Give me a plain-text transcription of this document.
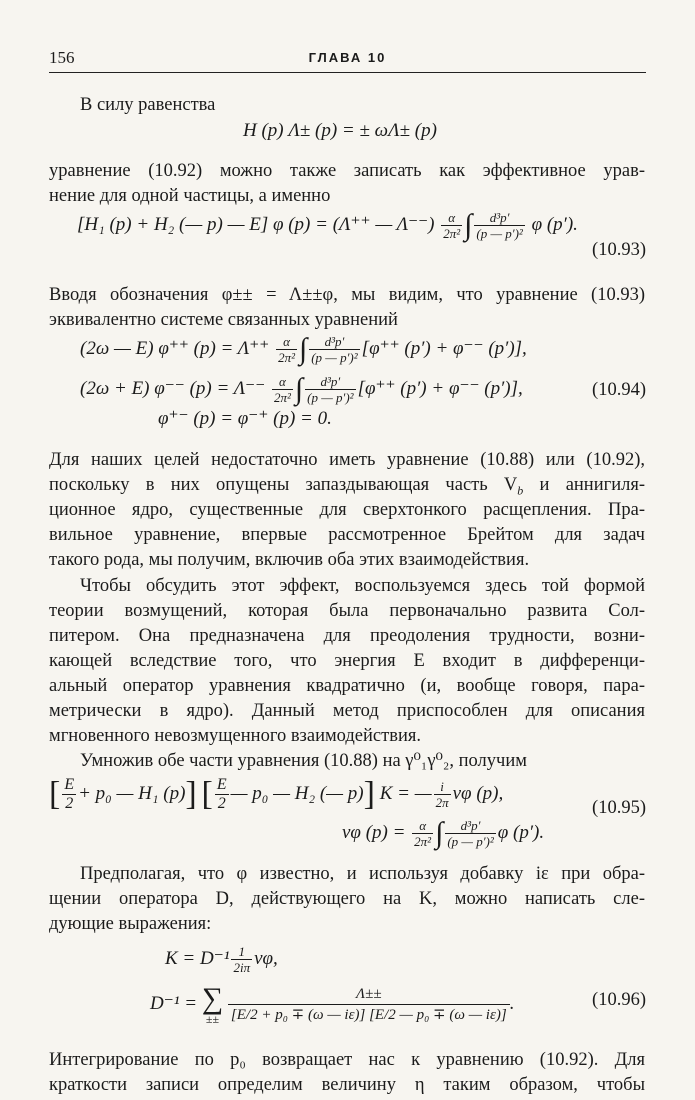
156	ГЛАВА 10
В силу равенства
H (p) Λ± (p) = ± ωΛ± (p)
уравнение (10.92) можно также записать как эффективное урав-
нение для одной частицы, а именно
[H₁ (p) + H₂ (— p) — E] φ (p) = (Λ⁺⁺ — $\Lambda^{--}) \frac{\alpha}{\text{2π²}}$ ∫ $\frac{\text{d³p′}}{\text{(p — p′)²}}$ φ (p′).
(10.93)
Вводя обозначения φ±± = Λ±±φ, мы видим, что уравнение (10.93)
эквивалентно системе связанных уравнений
(2ω — E) φ⁺⁺ $(p) = \Lambda^{++} \frac{\alpha}{\text{2π²}}$ ∫ $\frac{\text{d³p′}}{\text{(p — p′)²}} [\varphi^{++}$ (p′) + φ⁻⁻ (p′)],
(2ω + E) φ⁻⁻ $(p) = \Lambda^{--} \frac{\alpha}{\text{2π²}}$ ∫ $\frac{\text{d³p′}}{\text{(p — p′)²}} [\varphi^{++}$ (p′) + φ⁻⁻ (p′)],	(10.94)
φ⁺⁻ (p) = φ⁻⁺ (p) = 0.
Для наших целей недостаточно иметь уравнение (10.88) или (10.92),
поскольку в них опущены запаздывающая часть $V_b$ и аннигиля-
ционное ядро, существенные для сверхтонкого расщепления. Пра-
вильное уравнение, впервые рассмотренное Брейтом для задач
такого рода, мы получим, включив оба этих взаимодействия.
Чтобы обсудить этот эффект, воспользуемся здесь той формой
теории возмущений, которая была первоначально развита Сол-
питером. Она предназначена для преодоления трудности, возни-
кающей вследствие того, что энергия E входит в дифференци-
альный оператор уравнения квадратично (и, вообще говоря, пара-
метрически в ядро). Данный метод приспособлен для описания
мгновенного невозмущенного взаимодействия.
Умножив обе части уравнения (10.88) на γ⁰₁γ⁰₂, получим
[ $\frac{E}{2} + p_0$ — H₁ (p)] [ $\frac{E}{2}$ — p₀ — H₂ (— p)] K = — $\frac{i}{2\pi}$ vφ (p),
vφ $(p) = \frac{\alpha}{\text{2π²}}$ ∫ $\frac{\text{d³p′}}{\text{(p — p′)²}}$ φ (p′).
(10.95)
Предполагая, что φ известно, и используя добавку iε при обра-
щении оператора D, действующего на K, можно написать сле-
дующие выражения:
$K = D^{-1} \frac{1}{2i\pi} v\varphi$,
D⁻¹ = ∑
±±
$\frac{\Lambda\pm\pm}{\text{[E/2 + p₀ ∓ (ω — iε)] [E/2 — p₀ ∓ (ω — iε)]}}$ .	(10.96)
Интегрирование по p₀ возвращает нас к уравнению (10.92). Для
краткости записи определим величину η таким образом, чтобы
